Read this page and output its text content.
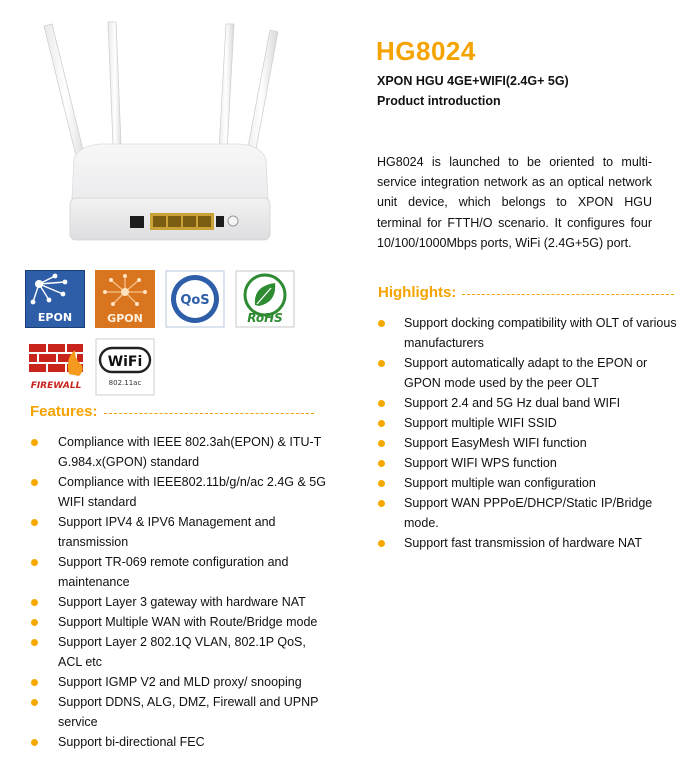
EPON	GPON
QoS
RoHS
FIREWALL
WiFi
802.11ac
HG8024
XPON HGU 4GE+WIFI(2.4G+ 5G)
Product introduction
HG8024 is launched to be oriented to multi-service integration network as an optical network unit device, which belongs to XPON HGU terminal for FTTH/O scenario. It configures four 10/100/1000Mbps ports, WiFi (2.4G+5G) port.
Highlights:
Support docking compatibility with OLT of various manufacturers
Support automatically adapt to the EPON or GPON mode used by the peer OLT
Support 2.4 and 5G Hz dual band WIFI
Support multiple WIFI SSID
Support EasyMesh WIFI function
Support WIFI WPS function
Support multiple wan configuration
Support WAN PPPoE/DHCP/Static IP/Bridge mode.
Support fast transmission of hardware NAT
Features:
Compliance with IEEE 802.3ah(EPON) & ITU-T G.984.x(GPON) standard
Compliance with IEEE802.11b/g/n/ac 2.4G & 5G WIFI standard
Support IPV4 & IPV6 Management and transmission
Support TR-069 remote configuration and maintenance
Support Layer 3 gateway with hardware NAT
Support Multiple WAN with Route/Bridge mode
Support Layer 2 802.1Q VLAN, 802.1P QoS, ACL etc
Support IGMP V2 and MLD proxy/ snooping
Support DDNS, ALG, DMZ, Firewall and UPNP service
Support bi-directional FEC
